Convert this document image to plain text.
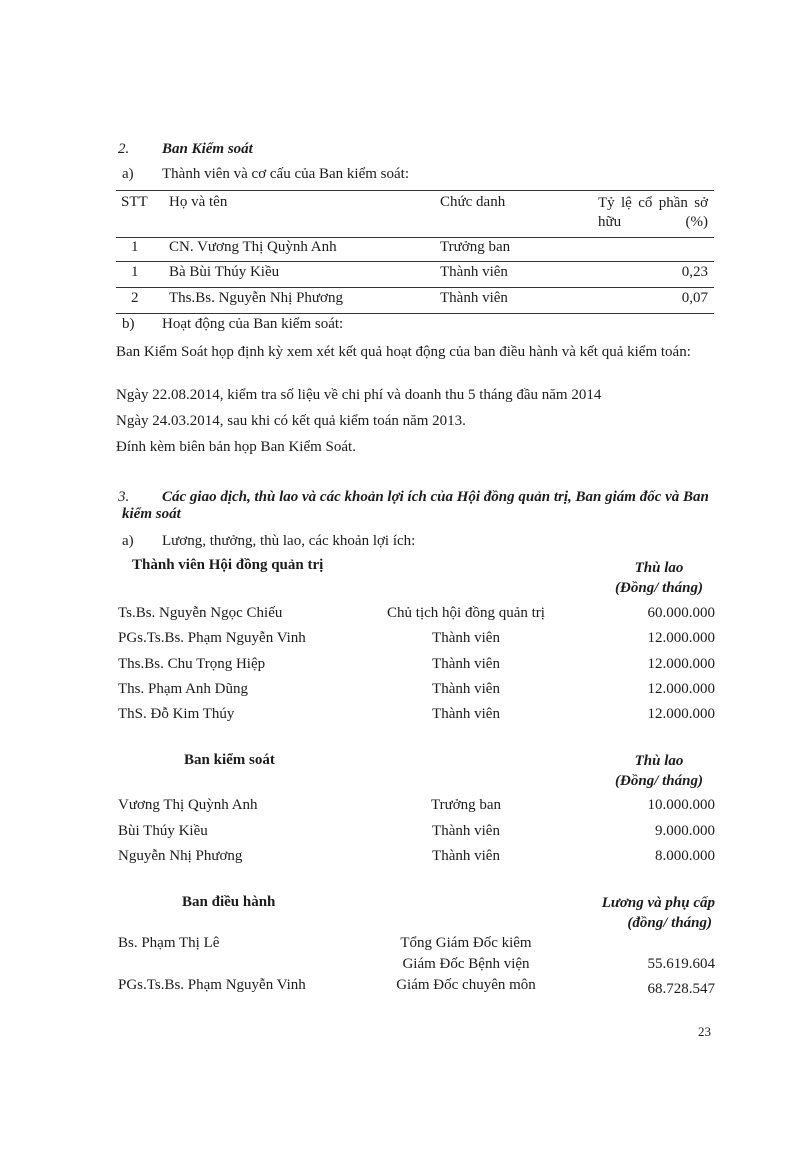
2. Ban Kiểm soát
a) Thành viên và cơ cấu của Ban kiểm soát:
STT Họ và tên	Chức danh	Tỷ lệ cổ phần sở hữu (%)
1 CN. Vương Thị Quỳnh Anh	Trưởng ban
1 Bà Bùi Thúy Kiều	Thành viên	0,23
2 Ths.Bs. Nguyễn Nhị Phương	Thành viên	0,07
b) Hoạt động của Ban kiểm soát:
Ban Kiểm Soát họp định kỳ xem xét kết quả hoạt động của ban điều hành và kết quả kiểm toán:
Ngày 22.08.2014, kiểm tra số liệu về chi phí và doanh thu 5 tháng đầu năm 2014
Ngày 24.03.2014, sau khi có kết quả kiểm toán năm 2013.
Đính kèm biên bản họp Ban Kiểm Soát.
3.	Các giao dịch, thù lao và các khoản lợi ích của Hội đồng quản trị, Ban giám đốc và Ban kiểm soát
a) Lương, thưởng, thù lao, các khoản lợi ích:
Thành viên Hội đồng quản trị	Thù lao
(Đồng/ tháng)
Ts.Bs. Nguyễn Ngọc Chiếu	Chủ tịch hội đồng quản trị	60.000.000
PGs.Ts.Bs. Phạm Nguyễn Vinh	Thành viên	12.000.000
Ths.Bs. Chu Trọng Hiệp	Thành viên	12.000.000
Ths. Phạm Anh Dũng	Thành viên	12.000.000
ThS. Đỗ Kim Thúy	Thành viên	12.000.000
Ban kiểm soát	Thù lao
(Đồng/ tháng)
Vương Thị Quỳnh Anh	Trưởng ban	10.000.000
Bùi Thúy Kiều	Thành viên	9.000.000
Nguyễn Nhị Phương	Thành viên	8.000.000
Ban điều hành	Lương và phụ cấp
(đồng/ tháng)
Bs. Phạm Thị Lê	Tổng Giám Đốc kiêm
Giám Đốc Bệnh viện	55.619.604
PGs.Ts.Bs. Phạm Nguyễn Vinh	Giám Đốc chuyên môn	68.728.547
23
